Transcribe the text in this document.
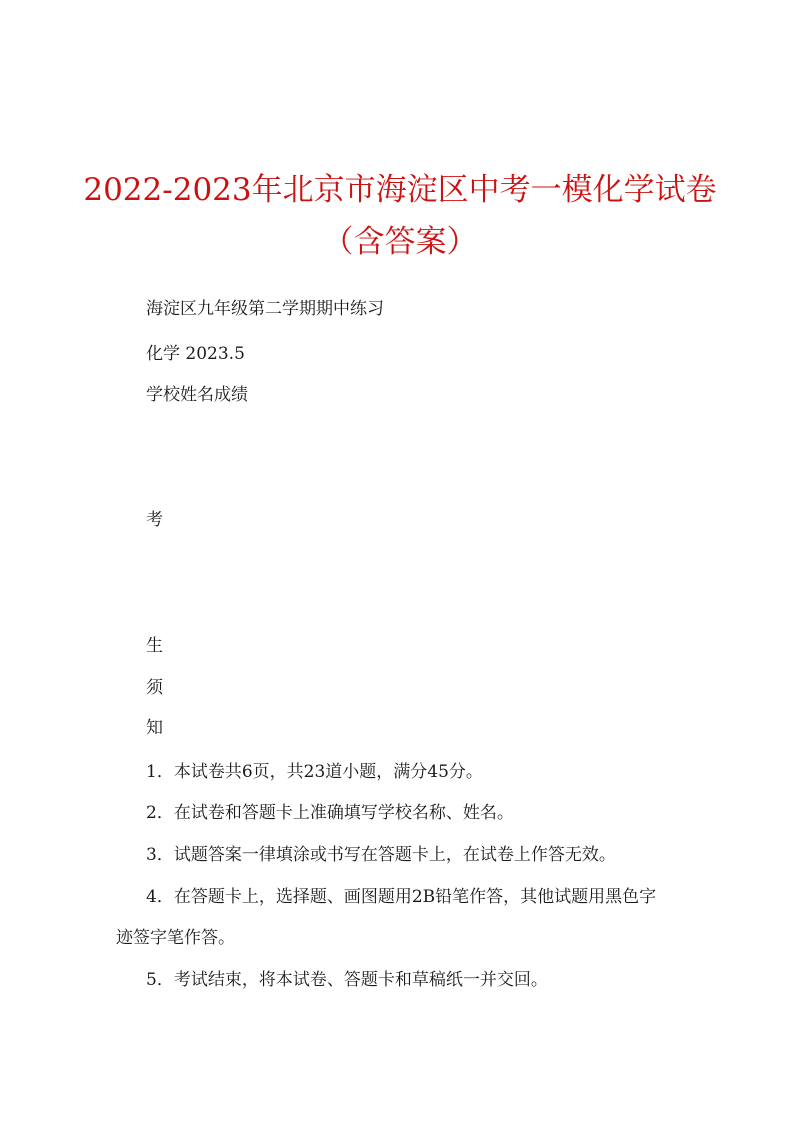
2022-2023年北京市海淀区中考一模化学试卷
（含答案）

海淀区九年级第二学期期中练习

化学 2023.5

学校姓名成绩

考

生

须

知

1．本试卷共6页，共23道小题，满分45分。

2．在试卷和答题卡上准确填写学校名称、姓名。

3．试题答案一律填涂或书写在答题卡上，在试卷上作答无效。

4．在答题卡上，选择题、画图题用2B铅笔作答，其他试题用黑色字

迹签字笔作答。

5．考试结束，将本试卷、答题卡和草稿纸一并交回。
